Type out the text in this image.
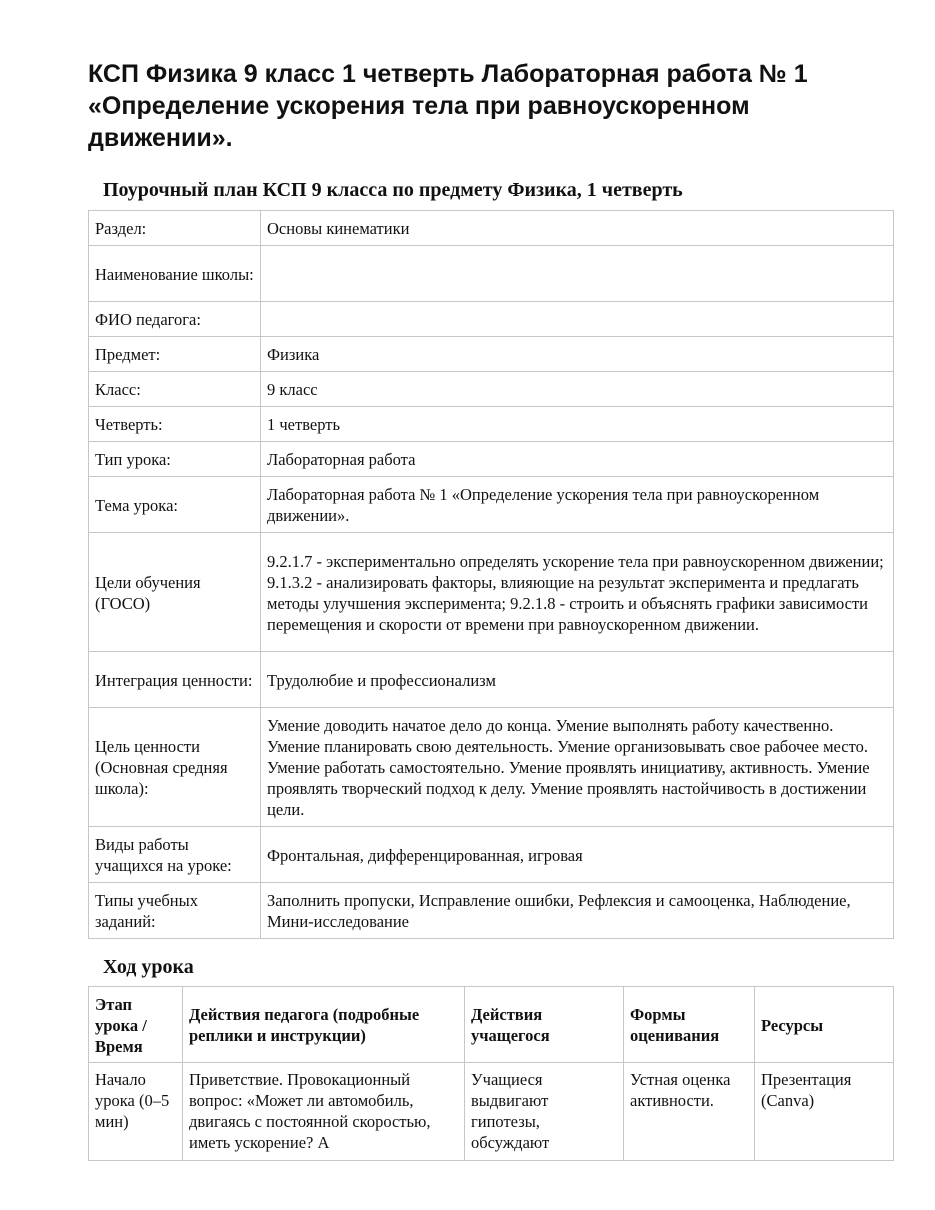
КСП Физика 9 класс 1 четверть Лабораторная работа № 1 «Определение ускорения тела при равноускоренном движении».
Поурочный план КСП 9 класса по предмету Физика, 1 четверть
Раздел:	Основы кинематики
Наименование школы:	
ФИО педагога:	
Предмет:	Физика
Класс:	9 класс
Четверть:	1 четверть
Тип урока:	Лабораторная работа
Тема урока:	Лабораторная работа № 1 «Определение ускорения тела при равноускоренном движении».
Цели обучения (ГОСО)	9.2.1.7 - экспериментально определять ускорение тела при равноускоренном движении; 9.1.3.2 - анализировать факторы, влияющие на результат эксперимента и предлагать методы улучшения эксперимента; 9.2.1.8 - строить и объяснять графики зависимости перемещения и скорости от времени при равноускоренном движении.
Интеграция ценности:	Трудолюбие и профессионализм
Цель ценности (Основная средняя школа):	Умение доводить начатое дело до конца. Умение выполнять работу качественно. Умение планировать свою деятельность. Умение организовывать свое рабочее место. Умение работать самостоятельно. Умение проявлять инициативу, активность. Умение проявлять творческий подход к делу. Умение проявлять настойчивость в достижении цели.
Виды работы учащихся на уроке:	Фронтальная, дифференцированная, игровая
Типы учебных заданий:	Заполнить пропуски, Исправление ошибки, Рефлексия и самооценка, Наблюдение, Мини-исследование
Ход урока
Этап урока / Время	Действия педагога (подробные реплики и инструкции)	Действия учащегося	Формы оценивания	Ресурсы

Начало урока (0–5 мин)	Приветствие. Провокационный вопрос: «Может ли автомобиль, двигаясь с постоянной скоростью, иметь ускорение? А	Учащиеся выдвигают гипотезы, обсуждают	Устная оценка активности.	Презентация (Canva)
